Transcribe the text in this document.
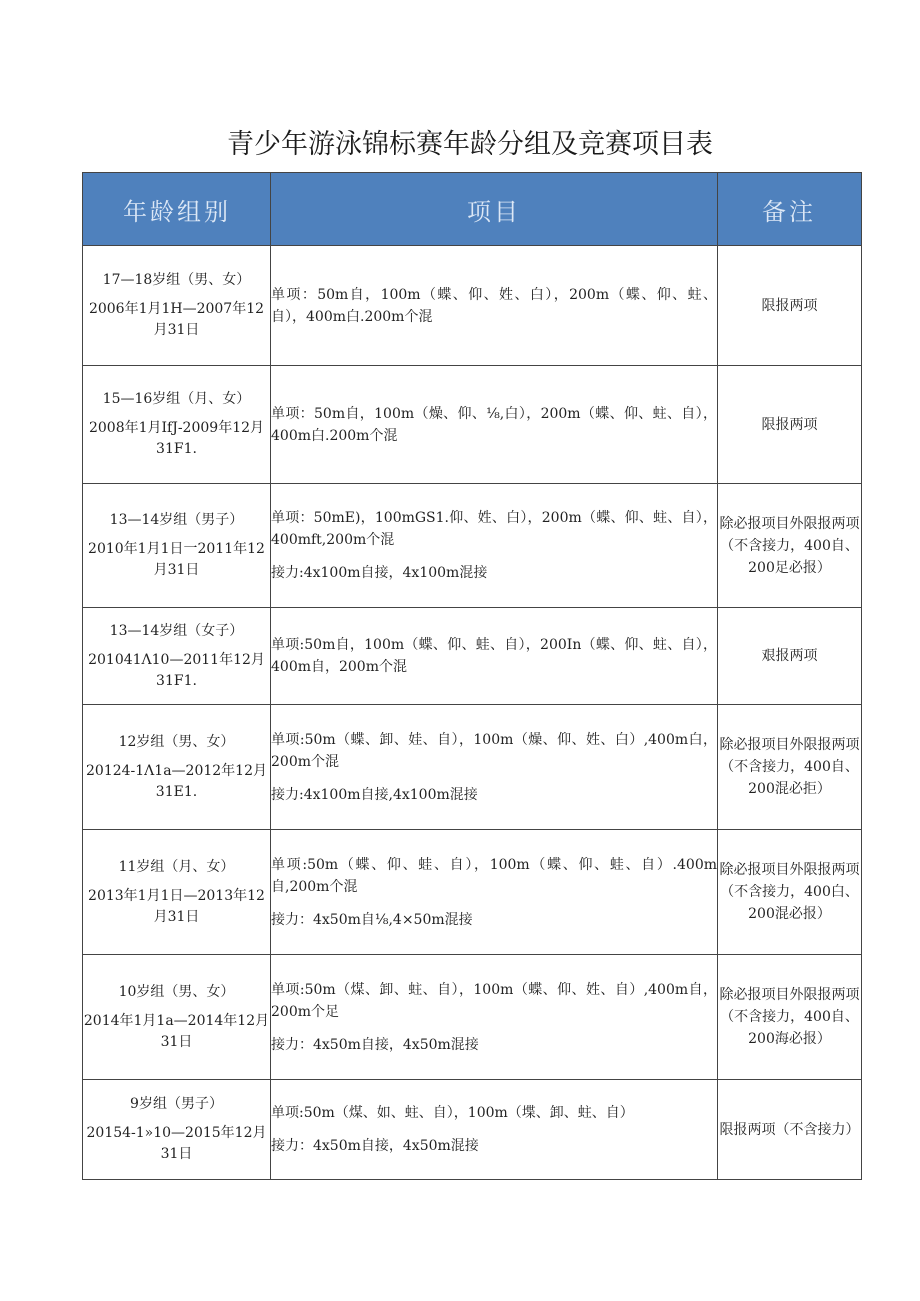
青少年游泳锦标赛年龄分组及竞赛项目表
年龄组别	项目	备注

17—18岁组（男、女）
2006年1月1H—2007年12月31日	单项：50m自，100m（蝶、仰、姓、白），200m（蝶、仰、蛀、自），400m白.200m个混	限报两项

15—16岁组（月、女）
2008年1月IfJ-2009年12月31F1.	单项：50m自，100m（燥、仰、⅛,白），200m（蝶、仰、蛀、自），400m白.200m个混	限报两项

13—14岁组（男子）
2010年1月1日一2011年12月31日	单项：50mE)，100mGS1.仰、姓、白），200m（蝶、仰、蛀、自），400mft,200m个混
接力:4x100m自接，4x100m混接	除必报项目外限报两项（不含接力，400自、200足必报）

13—14岁组（女子）
201041Λ10—2011年12月31F1.	单项:50m自，100m（蝶、仰、蛙、自），200In（蝶、仰、蛀、自），400m自，200m个混	艰报两项

12岁组（男、女）
20124-1Λ1a—2012年12月31E1.	单项:50m（蝶、卸、娃、自），100m（燥、仰、姓、白）,400m白，200m个混
接力:4x100m自接,4x100m混接	除必报项目外限报两项（不含接力，400自、200混必拒）

11岁组（月、女）
2013年1月1日—2013年12月31日	单项:50m（蝶、仰、蛙、自），100m（蝶、仰、蛙、自）.400m自,200m个混
接力：4x50m自⅛,4×50m混接	除必报项目外限报两项（不含接力，400白、200混必报）

10岁组（男、女）
2014年1月1a—2014年12月31日	单项:50m（煤、卸、蛀、自），100m（蝶、仰、姓、自）,400m自，200m个足
接力：4x50m自接，4x50m混接	除必报项目外限报两项（不含接力，400自、200海必报）

9岁组（男子）
20154-1»10—2015年12月31日	单项:50m（煤、如、蛀、自），100m（堞、卸、蛀、自）
接力：4x50m自接，4x50m混接	限报两项（不含接力）
